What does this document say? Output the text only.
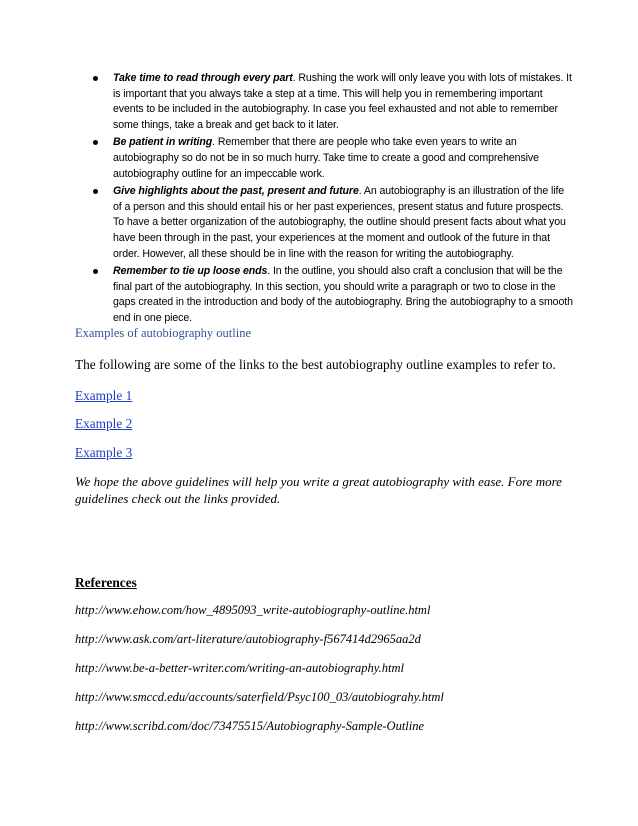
Take time to read through every part. Rushing the work will only leave you with lots of mistakes. It is important that you always take a step at a time. This will help you in remembering important events to be included in the autobiography. In case you feel exhausted and not able to remember some things, take a break and get back to it later.
Be patient in writing. Remember that there are people who take even years to write an autobiography so do not be in so much hurry. Take time to create a good and comprehensive autobiography outline for an impeccable work.
Give highlights about the past, present and future. An autobiography is an illustration of the life of a person and this should entail his or her past experiences, present status and future prospects. To have a better organization of the autobiography, the outline should present facts about what you have been through in the past, your experiences at the moment and outlook of the future in that order. However, all these should be in line with the reason for writing the autobiography.
Remember to tie up loose ends. In the outline, you should also craft a conclusion that will be the final part of the autobiography. In this section, you should write a paragraph or two to close in the gaps created in the introduction and body of the autobiography. Bring the autobiography to a smooth end in one piece.

Examples of autobiography outline

The following are some of the links to the best autobiography outline examples to refer to.

Example 1
Example 2
Example 3

We hope the above guidelines will help you write a great autobiography with ease. Fore more guidelines check out the links provided.

References

http://www.ehow.com/how_4895093_write-autobiography-outline.html

http://www.ask.com/art-literature/autobiography-f567414d2965aa2d

http://www.be-a-better-writer.com/writing-an-autobiography.html

http://www.smccd.edu/accounts/saterfield/Psyc100_03/autobiograhy.html

http://www.scribd.com/doc/73475515/Autobiography-Sample-Outline
